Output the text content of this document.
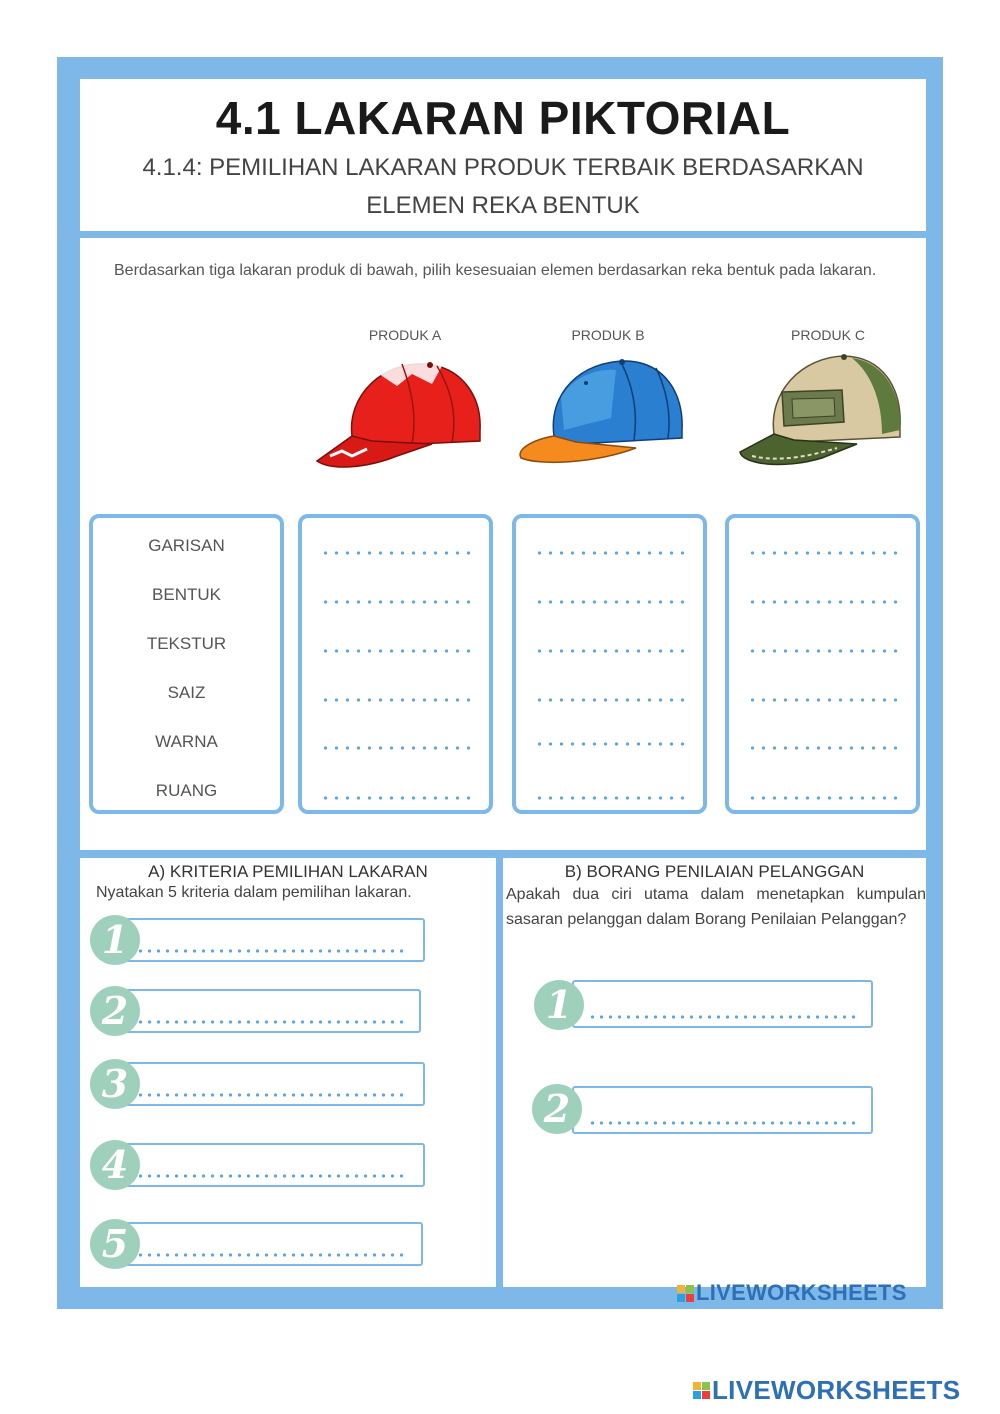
4.1 LAKARAN PIKTORIAL
4.1.4: PEMILIHAN LAKARAN PRODUK TERBAIK BERDASARKAN ELEMEN REKA BENTUK
Berdasarkan tiga lakaran produk di bawah, pilih kesesuaian elemen berdasarkan reka bentuk pada lakaran.
PRODUK A	PRODUK B	PRODUK C
GARISAN
BENTUK
TEKSTUR
SAIZ
WARNA
RUANG
A) KRITERIA PEMILIHAN LAKARAN
Nyatakan 5 kriteria dalam pemilihan lakaran.
1
2
3
4
5
B) BORANG PENILAIAN PELANGGAN
Apakah dua ciri utama dalam menetapkan kumpulan sasaran pelanggan dalam Borang Penilaian Pelanggan?
1
2
LIVEWORKSHEETS
LIVEWORKSHEETS
